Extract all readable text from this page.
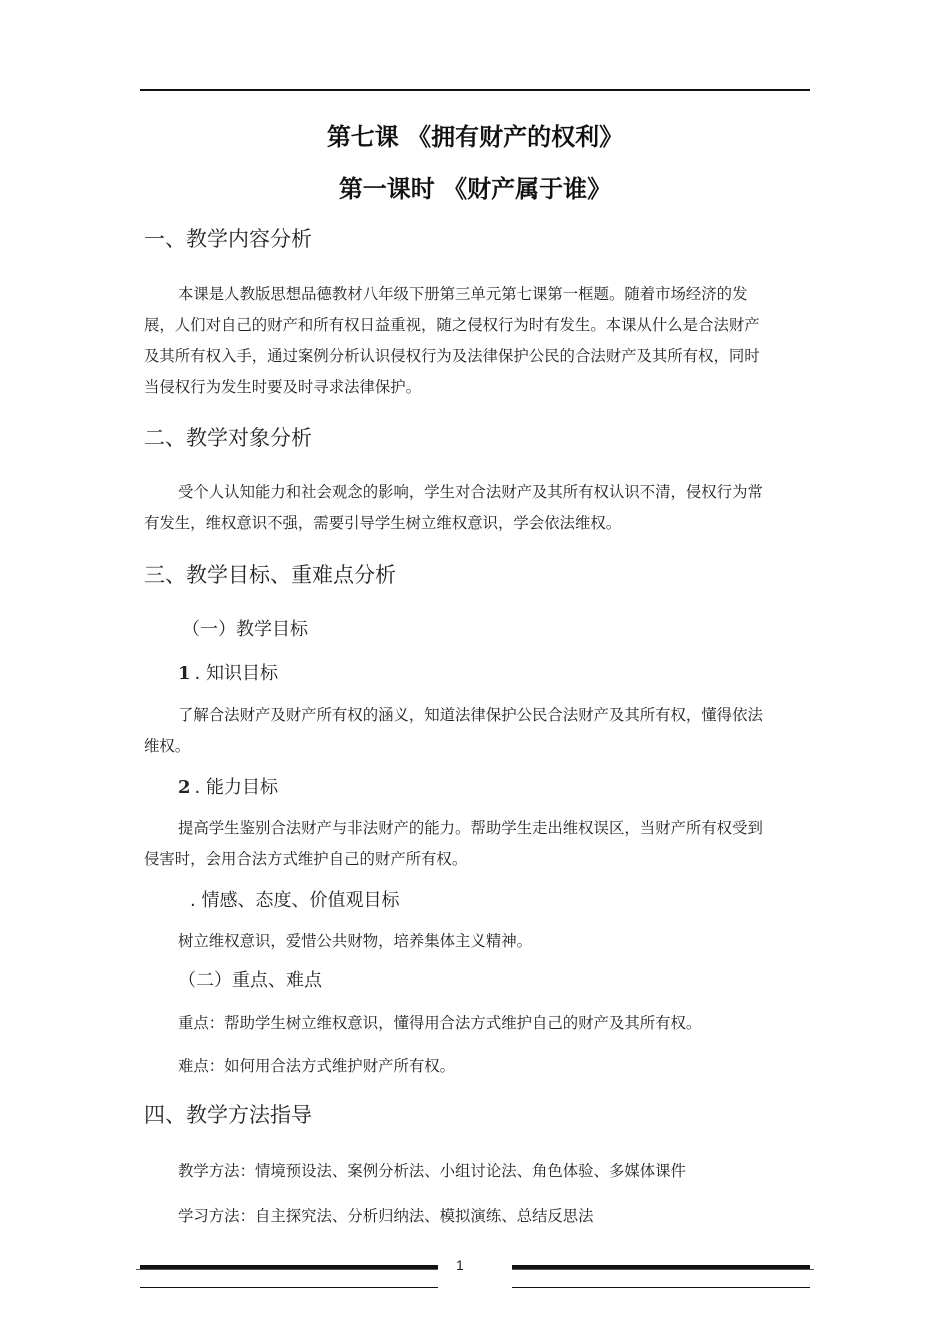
第七课 《拥有财产的权利》
第一课时 《财产属于谁》
一、教学内容分析
本课是人教版思想品德教材八年级下册第三单元第七课第一框题。随着市场经济的发
展，人们对自己的财产和所有权日益重视，随之侵权行为时有发生。本课从什么是合法财产
及其所有权入手，通过案例分析认识侵权行为及法律保护公民的合法财产及其所有权，同时
当侵权行为发生时要及时寻求法律保护。
二、教学对象分析
受个人认知能力和社会观念的影响，学生对合法财产及其所有权认识不清，侵权行为常
有发生，维权意识不强，需要引导学生树立维权意识，学会依法维权。
三、教学目标、重难点分析
（一）教学目标
1 . 知识目标
了解合法财产及财产所有权的涵义，知道法律保护公民合法财产及其所有权，懂得依法
维权。
2 . 能力目标
提高学生鉴别合法财产与非法财产的能力。帮助学生走出维权误区，当财产所有权受到
侵害时，会用合法方式维护自己的财产所有权。
. 情感、态度、价值观目标
树立维权意识，爱惜公共财物，培养集体主义精神。
（二）重点、难点
重点：帮助学生树立维权意识，懂得用合法方式维护自己的财产及其所有权。
难点：如何用合法方式维护财产所有权。
四、教学方法指导
教学方法：情境预设法、案例分析法、小组讨论法、角色体验、多媒体课件
学习方法：自主探究法、分析归纳法、模拟演练、总结反思法
1
